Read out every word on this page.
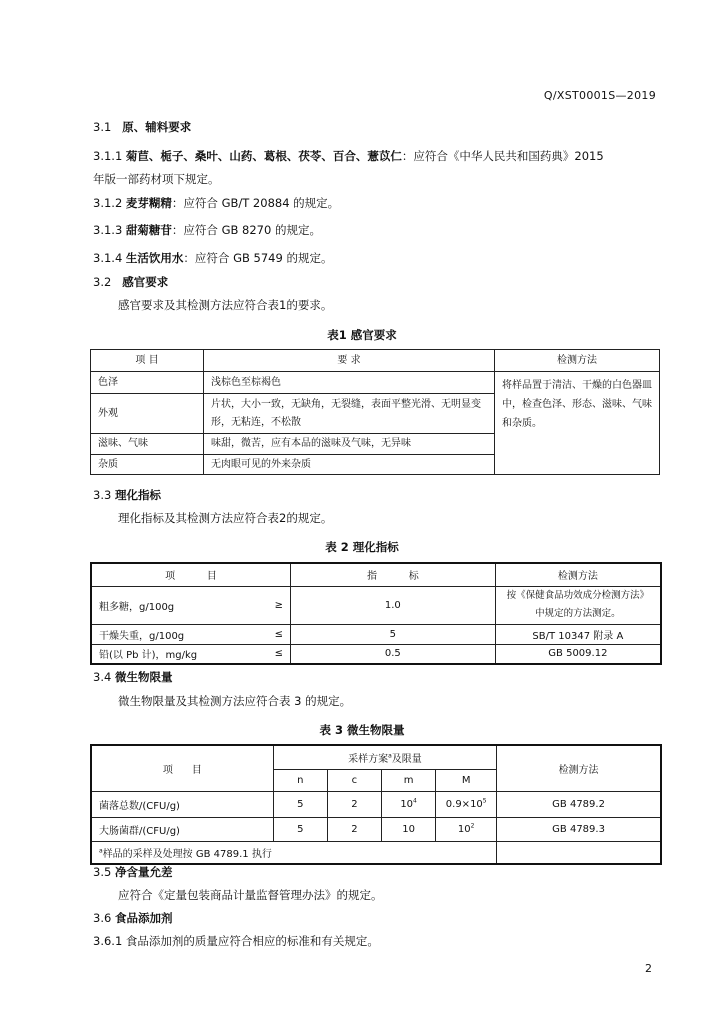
Q/XST0001S—2019
3.1 原、辅料要求
3.1.1 菊苣、栀子、桑叶、山药、葛根、茯苓、百合、薏苡仁：应符合《中华人民共和国药典》2015
年版一部药材项下规定。
3.1.2 麦芽糊精：应符合 GB/T 20884 的规定。
3.1.3 甜菊糖苷：应符合 GB 8270 的规定。
3.1.4 生活饮用水：应符合 GB 5749 的规定。
3.2 感官要求
感官要求及其检测方法应符合表1的要求。
表1 感官要求
项 目	要 求	检测方法
色泽	浅棕色至棕褐色	将样品置于清洁、干燥的白色器皿中，检查色泽、形态、滋味、气味和杂质。
外观	片状，大小一致，无缺角，无裂缝，表面平整光滑、无明显变形，无粘连，不松散	
滋味、气味	味甜，微苦，应有本品的滋味及气味，无异味	
杂质	无肉眼可见的外来杂质	
3.3 理化指标
理化指标及其检测方法应符合表2的规定。
表 2 理化指标
项          目		指          标	检测方法
粗多糖，g/100g	≥	1.0	按《保健食品功效成分检测方法》中规定的方法测定。
干燥失重，g/100g	≤	5	SB/T 10347 附录 A
铅(以 Pb 计)，mg/kg	≤	0.5	GB 5009.12
3.4 微生物限量
微生物限量及其检测方法应符合表 3 的规定。
表 3 微生物限量
项      目	采样方案$^a$及限量				检测方法
	n	c	m	M	
菌落总数/(CFU/g)	5	2	$10^4$	$0.9\times 10^5$	GB 4789.2
大肠菌群/(CFU/g)	5	2	10	$10^2$	GB 4789.3
$^a$样品的采样及处理按 GB 4789.1 执行					
3.5 净含量允差
应符合《定量包装商品计量监督管理办法》的规定。
3.6 食品添加剂
3.6.1 食品添加剂的质量应符合相应的标准和有关规定。
2
